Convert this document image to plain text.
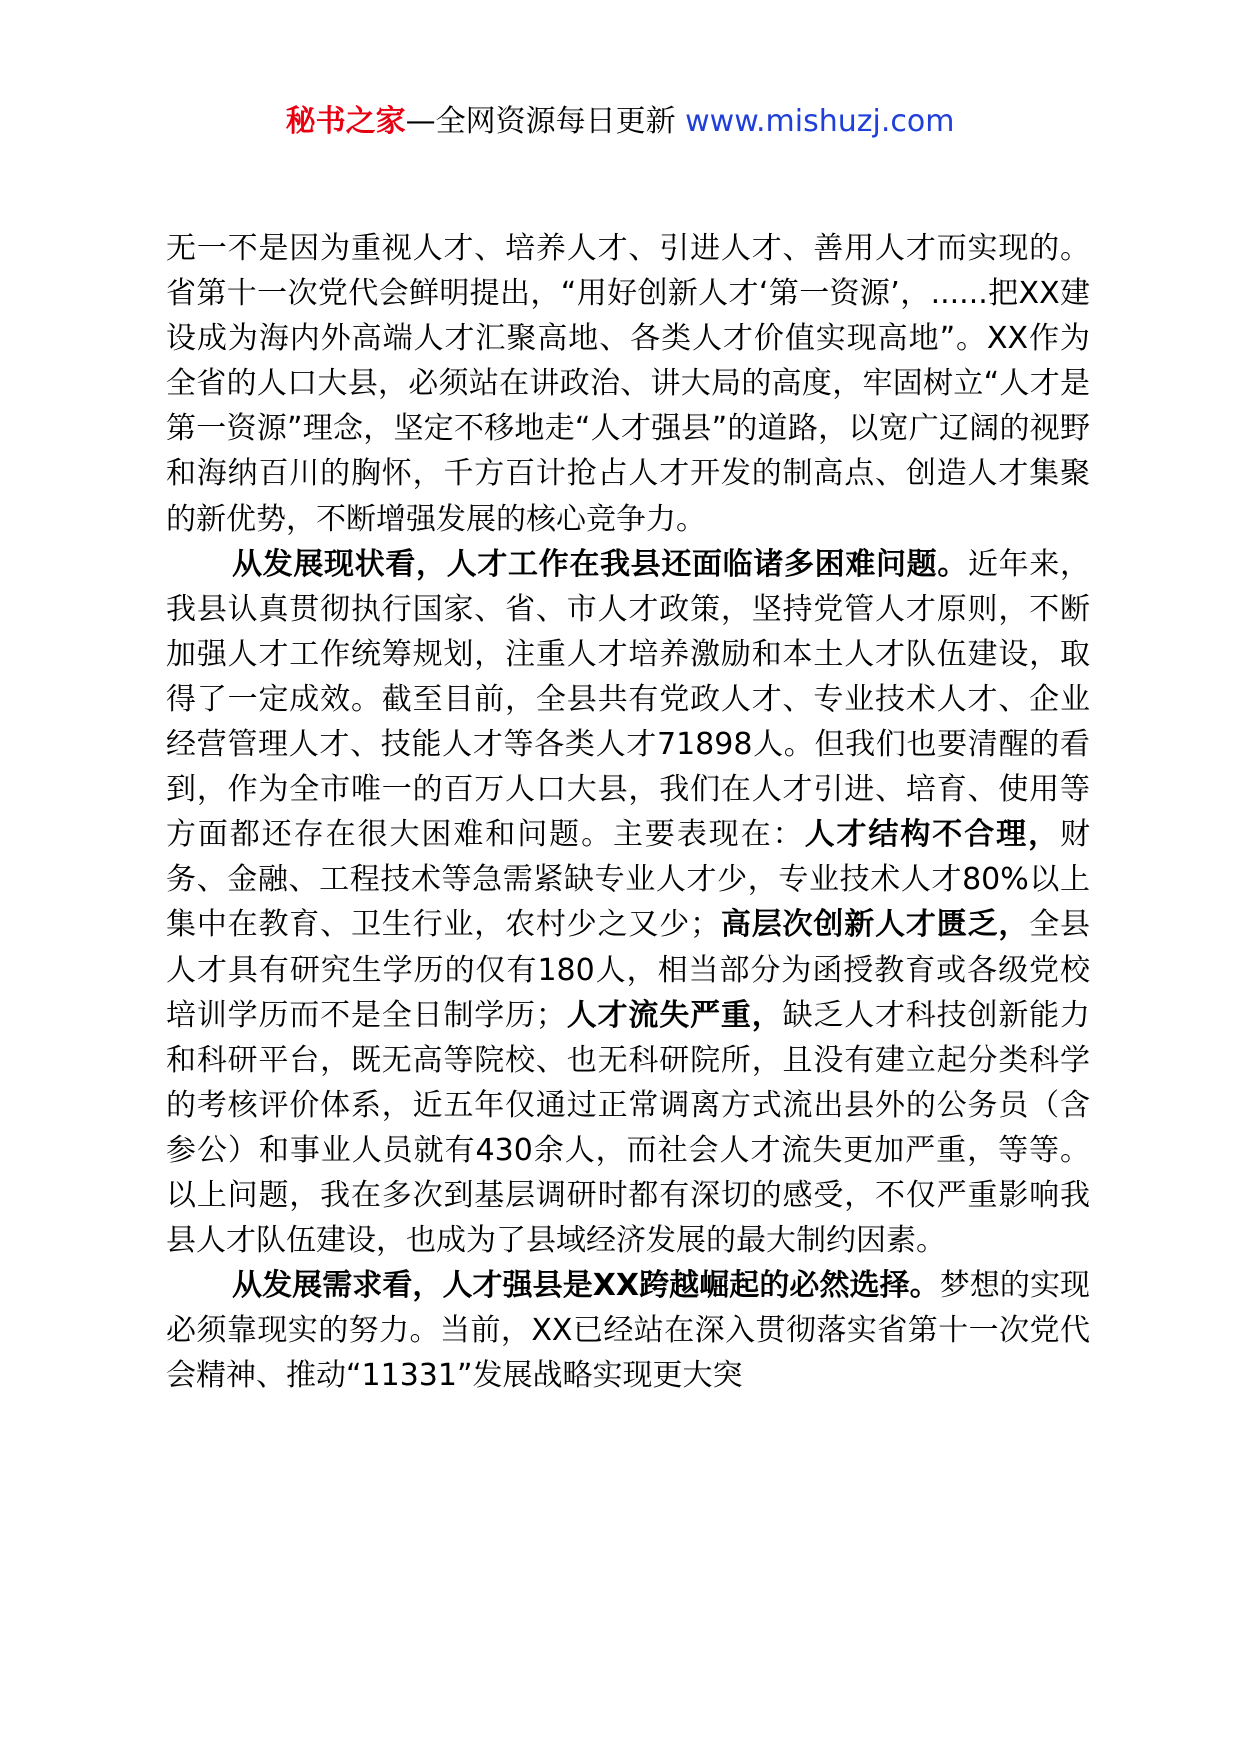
秘书之家—全网资源每日更新 www.mishuzj.com

无一不是因为重视人才、培养人才、引进人才、善用人才而实现的。省第十一次党代会鲜明提出，“用好创新人才‘第一资源’，......把XX建设成为海内外高端人才汇聚高地、各类人才价值实现高地”。XX作为全省的人口大县，必须站在讲政治、讲大局的高度，牢固树立“人才是第一资源”理念，坚定不移地走“人才强县”的道路，以宽广辽阔的视野和海纳百川的胸怀，千方百计抢占人才开发的制高点、创造人才集聚的新优势，不断增强发展的核心竞争力。

从发展现状看，人才工作在我县还面临诸多困难问题。近年来，我县认真贯彻执行国家、省、市人才政策，坚持党管人才原则，不断加强人才工作统筹规划，注重人才培养激励和本土人才队伍建设，取得了一定成效。截至目前，全县共有党政人才、专业技术人才、企业经营管理人才、技能人才等各类人才71898人。但我们也要清醒的看到，作为全市唯一的百万人口大县，我们在人才引进、培育、使用等方面都还存在很大困难和问题。主要表现在：人才结构不合理，财务、金融、工程技术等急需紧缺专业人才少，专业技术人才80%以上集中在教育、卫生行业，农村少之又少；高层次创新人才匮乏，全县人才具有研究生学历的仅有180人，相当部分为函授教育或各级党校培训学历而不是全日制学历；人才流失严重，缺乏人才科技创新能力和科研平台，既无高等院校、也无科研院所，且没有建立起分类科学的考核评价体系，近五年仅通过正常调离方式流出县外的公务员（含参公）和事业人员就有430余人，而社会人才流失更加严重，等等。以上问题，我在多次到基层调研时都有深切的感受，不仅严重影响我县人才队伍建设，也成为了县域经济发展的最大制约因素。

从发展需求看，人才强县是XX跨越崛起的必然选择。梦想的实现必须靠现实的努力。当前，XX已经站在深入贯彻落实省第十一次党代会精神、推动“11331”发展战略实现更大突
